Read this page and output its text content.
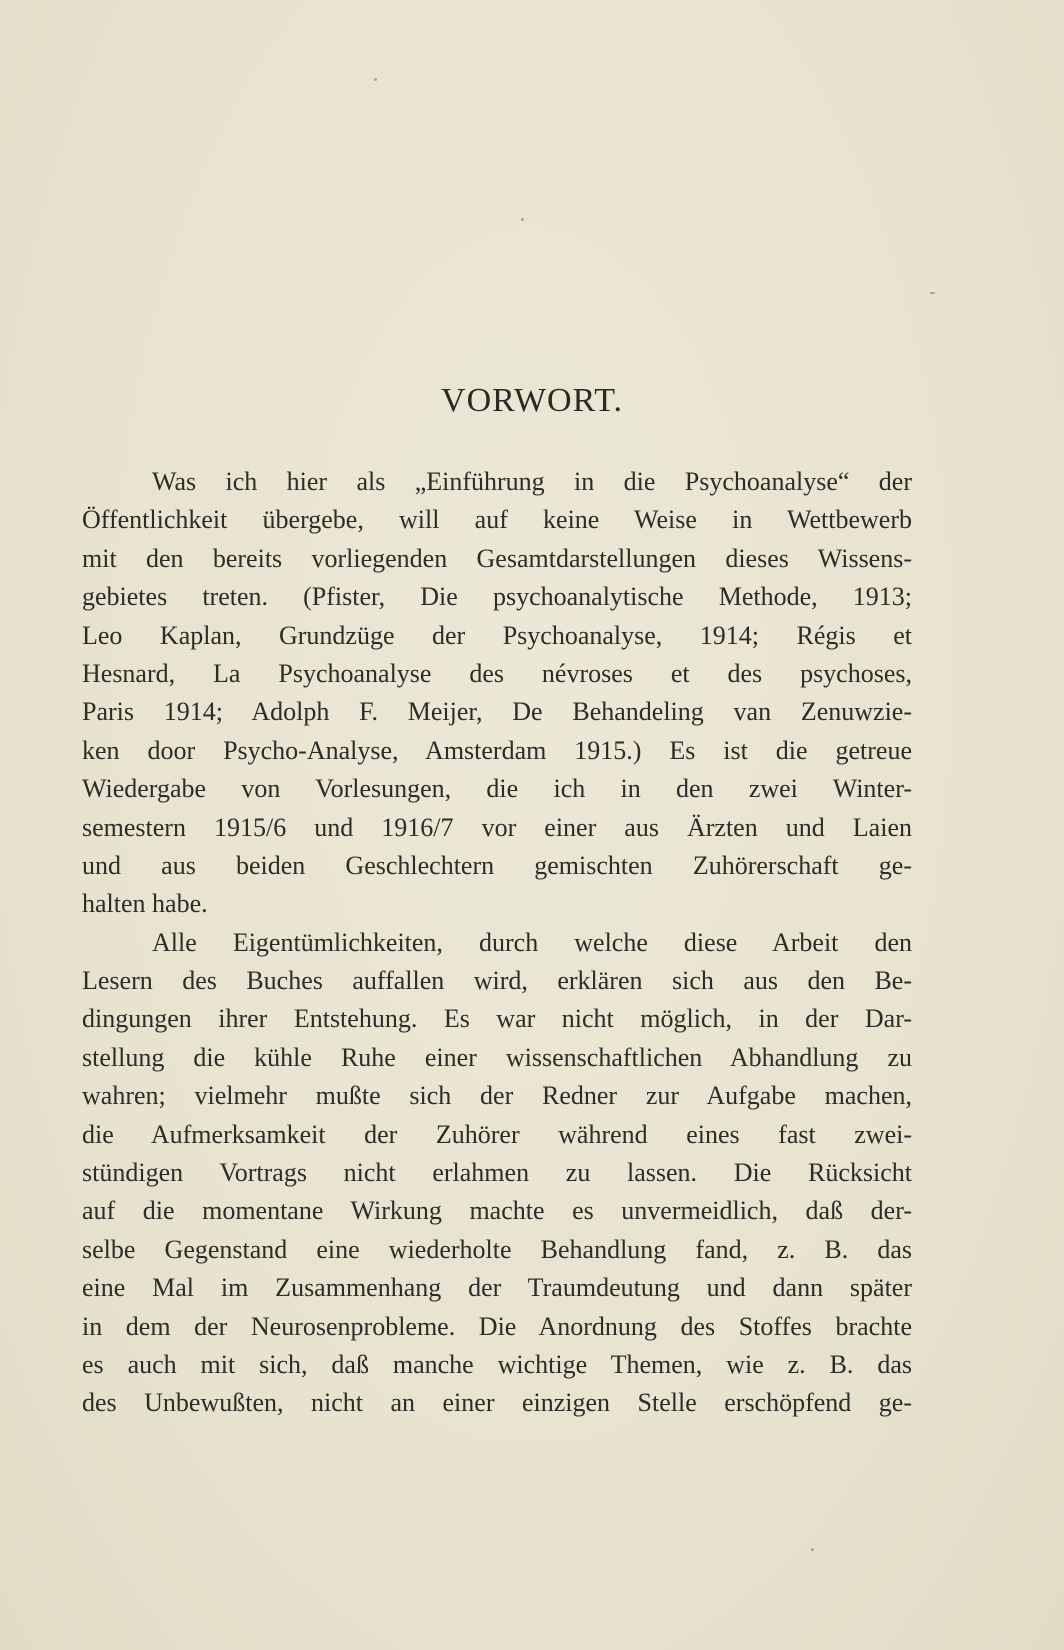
VORWORT.
Was ich hier als „Einführung in die Psychoanalyse“ der
Öffentlichkeit übergebe, will auf keine Weise in Wettbewerb
mit den bereits vorliegenden Gesamtdarstellungen dieses Wissens-
gebietes treten. (Pfister, Die psychoanalytische Methode, 1913;
Leo Kaplan, Grundzüge der Psychoanalyse, 1914; Régis et
Hesnard, La Psychoanalyse des névroses et des psychoses,
Paris 1914; Adolph F. Meijer, De Behandeling van Zenuwzie-
ken door Psycho-Analyse, Amsterdam 1915.) Es ist die getreue
Wiedergabe von Vorlesungen, die ich in den zwei Winter-
semestern 1915/6 und 1916/7 vor einer aus Ärzten und Laien
und aus beiden Geschlechtern gemischten Zuhörerschaft ge-
halten habe.
Alle Eigentümlichkeiten, durch welche diese Arbeit den
Lesern des Buches auffallen wird, erklären sich aus den Be-
dingungen ihrer Entstehung. Es war nicht möglich, in der Dar-
stellung die kühle Ruhe einer wissenschaftlichen Abhandlung zu
wahren; vielmehr mußte sich der Redner zur Aufgabe machen,
die Aufmerksamkeit der Zuhörer während eines fast zwei-
stündigen Vortrags nicht erlahmen zu lassen. Die Rücksicht
auf die momentane Wirkung machte es unvermeidlich, daß der-
selbe Gegenstand eine wiederholte Behandlung fand, z. B. das
eine Mal im Zusammenhang der Traumdeutung und dann später
in dem der Neurosenprobleme. Die Anordnung des Stoffes brachte
es auch mit sich, daß manche wichtige Themen, wie z. B. das
des Unbewußten, nicht an einer einzigen Stelle erschöpfend ge-
